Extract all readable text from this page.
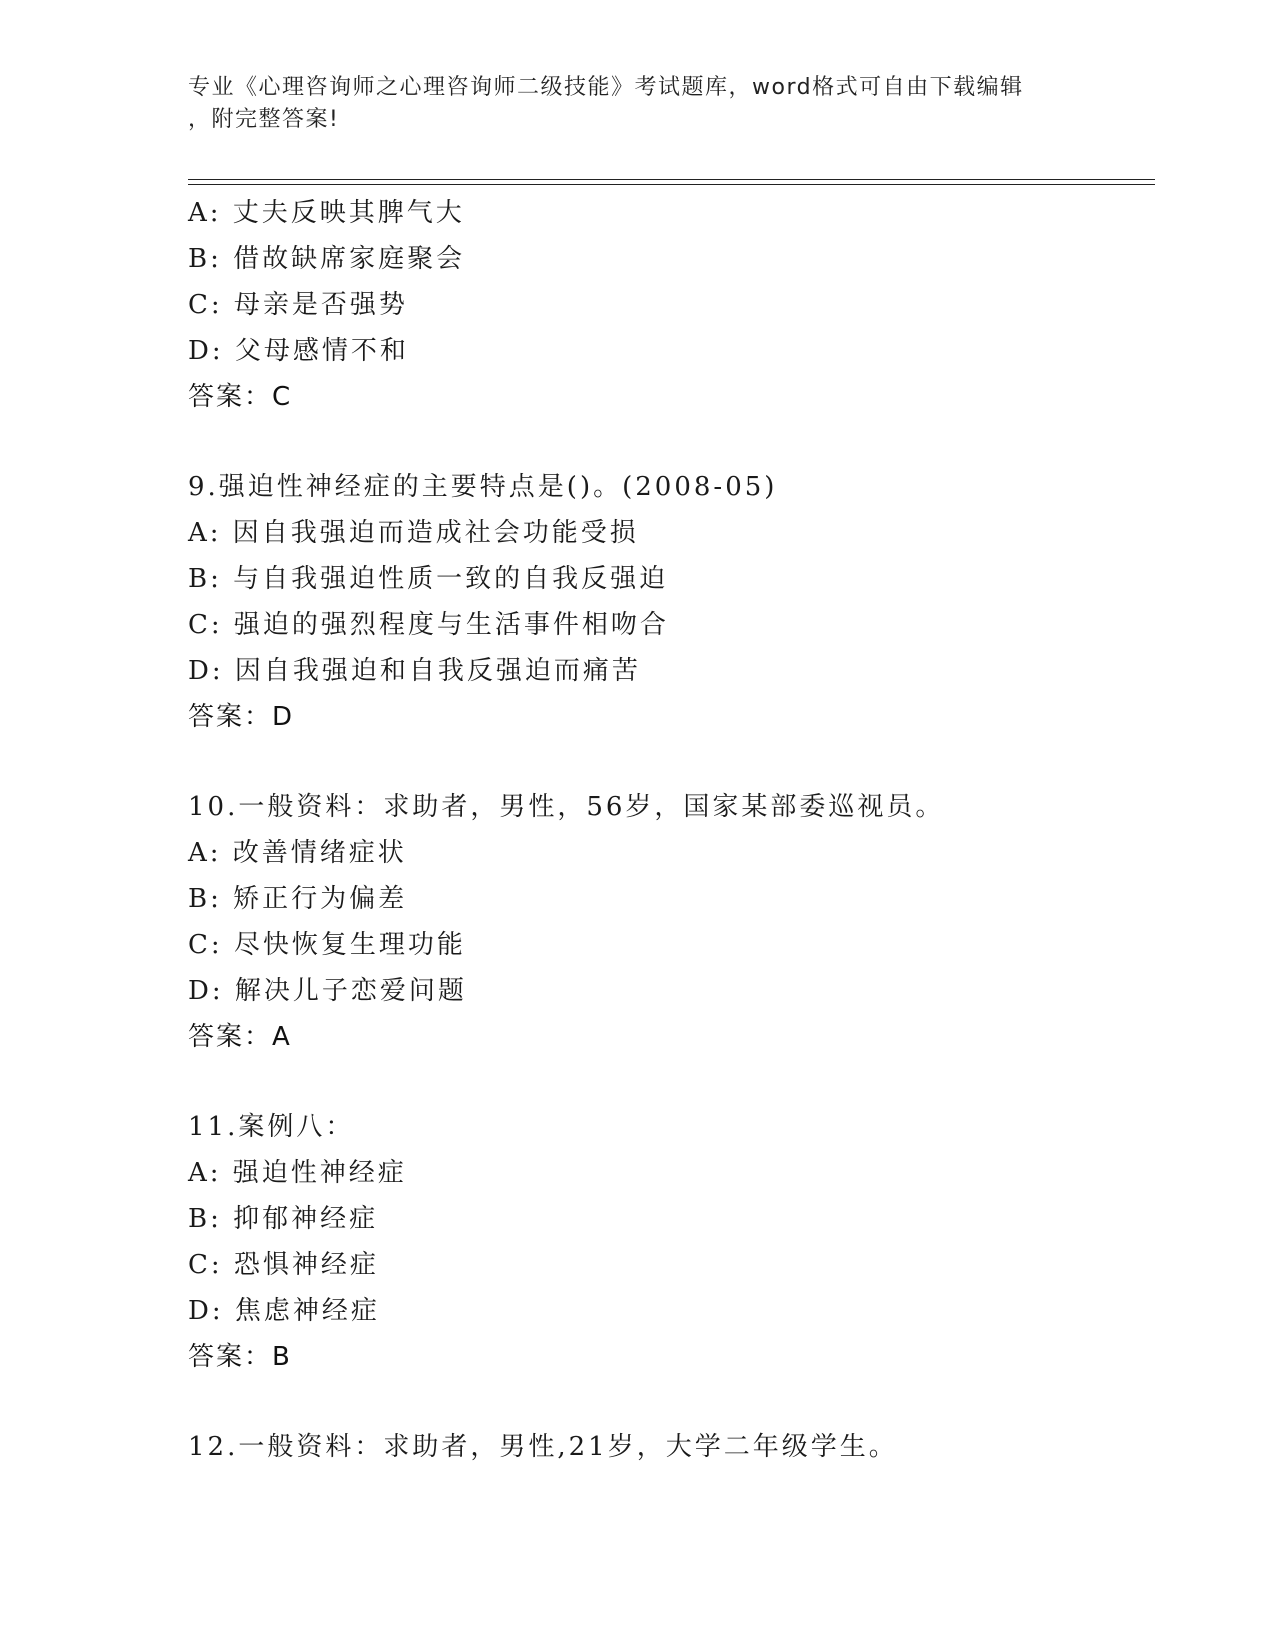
专业《心理咨询师之心理咨询师二级技能》考试题库，word格式可自由下载编辑
，附完整答案!
A: 丈夫反映其脾气大
B: 借故缺席家庭聚会
C: 母亲是否强势
D: 父母感情不和
答案：C
9.强迫性神经症的主要特点是()。(2008-05)
A: 因自我强迫而造成社会功能受损
B: 与自我强迫性质一致的自我反强迫
C: 强迫的强烈程度与生活事件相吻合
D: 因自我强迫和自我反强迫而痛苦
答案：D
10.一般资料：求助者，男性，56岁，国家某部委巡视员。
A: 改善情绪症状
B: 矫正行为偏差
C: 尽快恢复生理功能
D: 解决儿子恋爱问题
答案：A
11.案例八：
A: 强迫性神经症
B: 抑郁神经症
C: 恐惧神经症
D: 焦虑神经症
答案：B
12.一般资料：求助者，男性,21岁，大学二年级学生。
